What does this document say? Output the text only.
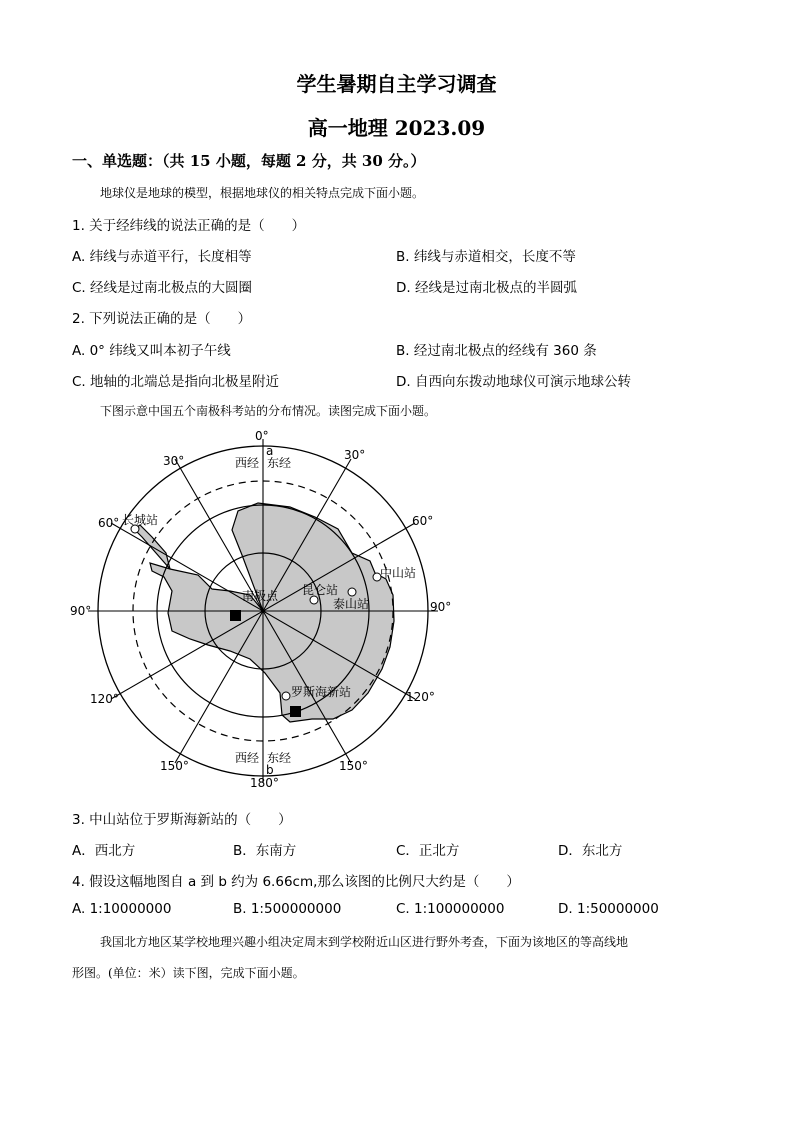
学生暑期自主学习调查
高一地理 2023.09
一、单选题：（共 15 小题，每题 2 分，共 30 分。）
地球仪是地球的模型，根据地球仪的相关特点完成下面小题。
1. 关于经纬线的说法正确的是（　　）
A. 纬线与赤道平行，长度相等	B. 纬线与赤道相交，长度不等
C. 经线是过南北极点的大圆圈	D. 经线是过南北极点的半圆弧
2. 下列说法正确的是（　　）
A. 0° 纬线又叫本初子午线	B. 经过南北极点的经线有 360 条
C. 地轴的北端总是指向北极星附近	D. 自西向东拨动地球仪可演示地球公转
下图示意中国五个南极科考站的分布情况。读图完成下面小题。
0°
a
西经 东经
30°	30°
60°	60°
90°	90°
120°	120°
150°	150°
西经 东经
b
180°
长城站
中山站
昆仑站
泰山站
南极点
罗斯海新站
3. 中山站位于罗斯海新站的（　　）
A．西北方	B．东南方	C．正北方	D．东北方
4. 假设这幅地图自 a 到 b 约为 6.66cm,那么该图的比例尺大约是（　　）
A. 1:10000000	B. 1:500000000	C. 1:100000000	D. 1:50000000
我国北方地区某学校地理兴趣小组决定周末到学校附近山区进行野外考查，下面为该地区的等高线地
形图。(单位：米）读下图，完成下面小题。
